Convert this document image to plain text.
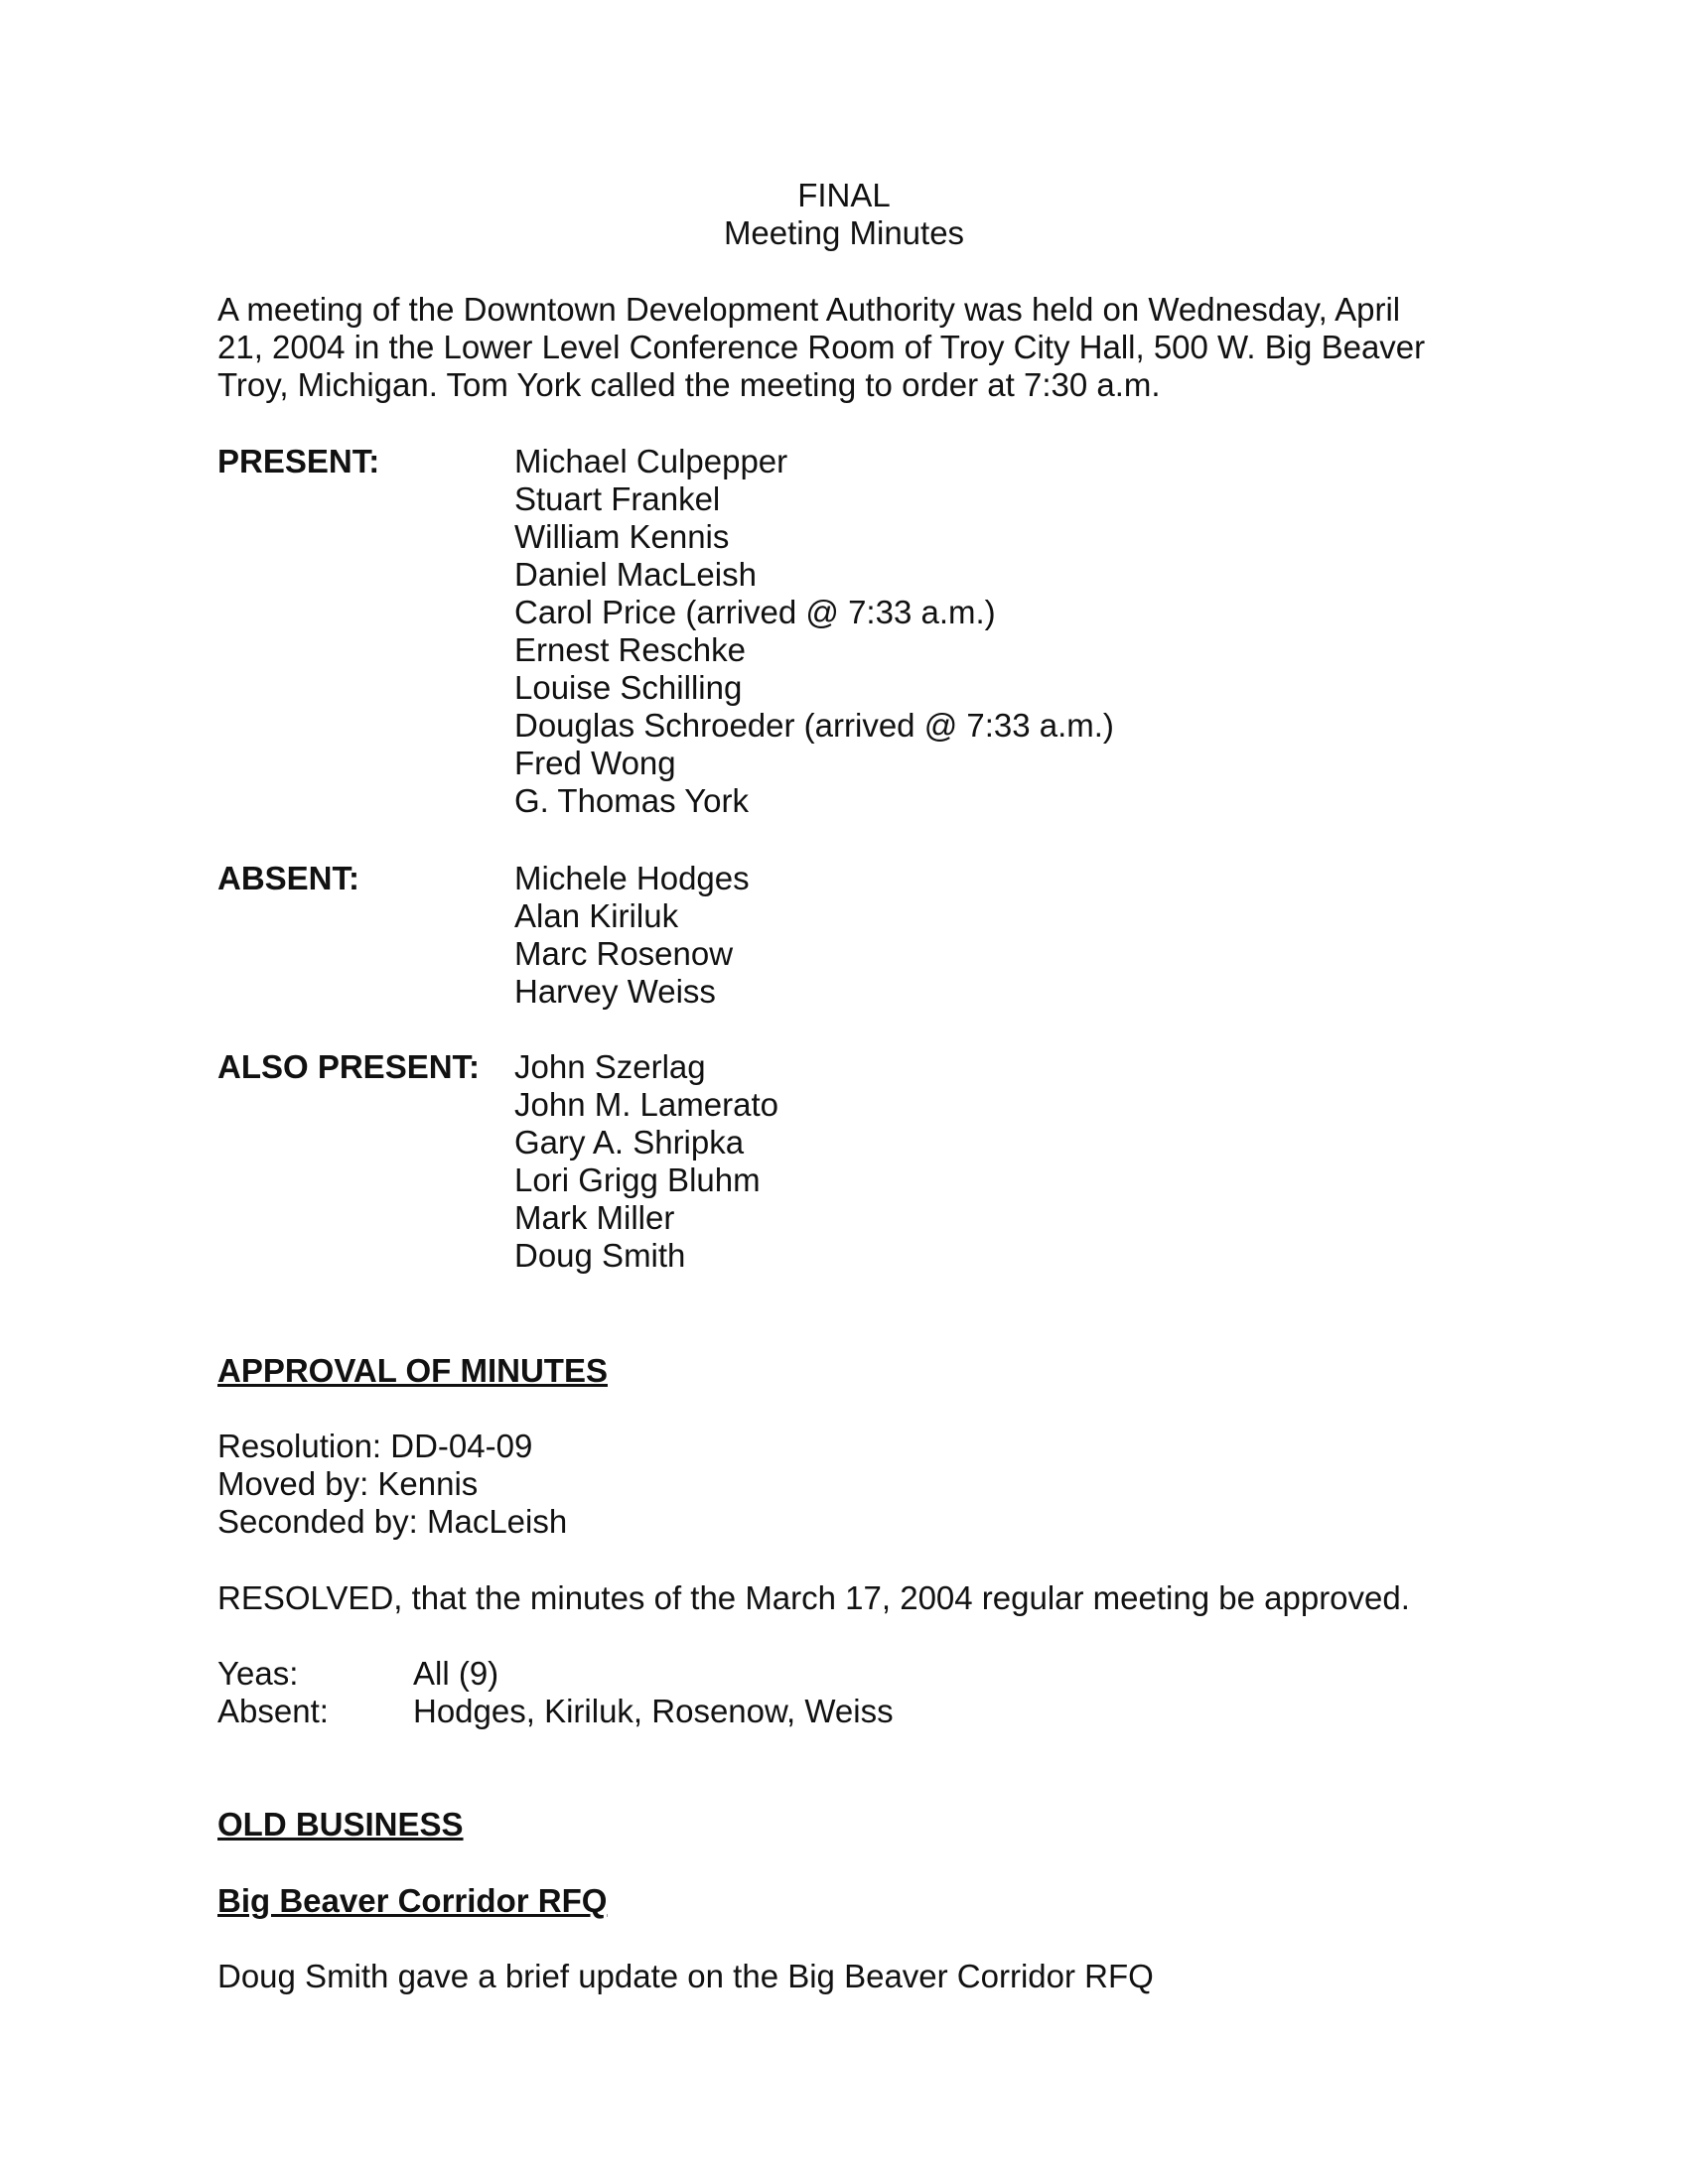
FINAL
Meeting Minutes
A meeting of the Downtown Development Authority was held on Wednesday, April
21, 2004 in the Lower Level Conference Room of Troy City Hall, 500 W. Big Beaver
Troy, Michigan. Tom York called the meeting to order at 7:30 a.m.
PRESENT:	Michael Culpepper
Stuart Frankel
William Kennis
Daniel MacLeish
Carol Price (arrived @ 7:33 a.m.)
Ernest Reschke
Louise Schilling
Douglas Schroeder (arrived @ 7:33 a.m.)
Fred Wong
G. Thomas York
ABSENT:	Michele Hodges
Alan Kiriluk
Marc Rosenow
Harvey Weiss
ALSO PRESENT: John Szerlag
John M. Lamerato
Gary A. Shripka
Lori Grigg Bluhm
Mark Miller
Doug Smith
APPROVAL OF MINUTES
Resolution: DD-04-09
Moved by: Kennis
Seconded by: MacLeish
RESOLVED, that the minutes of the March 17, 2004 regular meeting be approved.
Yeas:	All (9)
Absent:	Hodges, Kiriluk, Rosenow, Weiss
OLD BUSINESS
Big Beaver Corridor RFQ
Doug Smith gave a brief update on the Big Beaver Corridor RFQ
